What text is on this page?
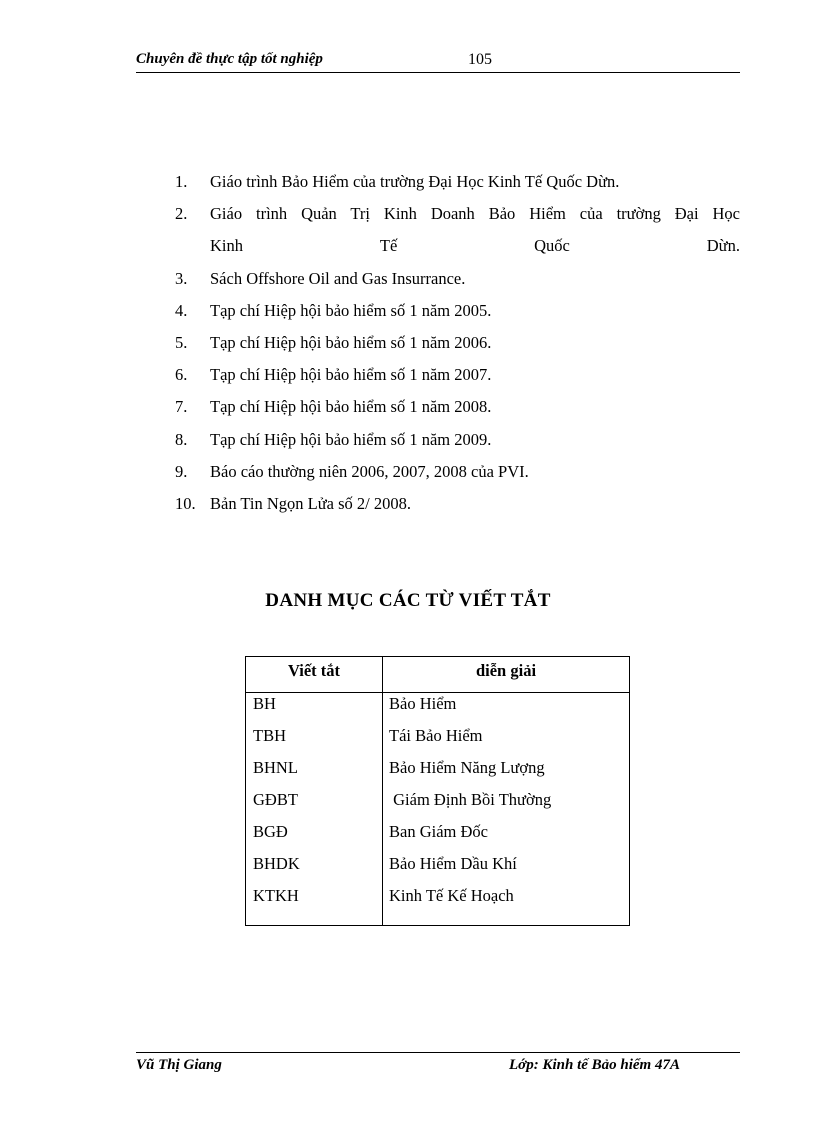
Chuyên đề thực tập tốt nghiệp	105
1. Giáo trình Bảo Hiểm của trường Đại Học Kinh Tế Quốc Dừn.
2. Giáo trình Quản Trị Kinh Doanh Bảo Hiểm của trường Đại Học
Kinh	Tế	Quốc	Dừn.
3. Sách Offshore Oil and Gas Insurrance.
4. Tạp chí Hiệp hội bảo hiểm số 1 năm 2005.
5. Tạp chí Hiệp hội bảo hiểm số 1 năm 2006.
6. Tạp chí Hiệp hội bảo hiểm số 1 năm 2007.
7. Tạp chí Hiệp hội bảo hiểm số 1 năm 2008.
8. Tạp chí Hiệp hội bảo hiểm số 1 năm 2009.
9. Báo cáo thường niên 2006, 2007, 2008 của PVI.
10. Bản Tin Ngọn Lửa số 2/ 2008.
DANH MỤC CÁC TỪ VIẾT TẮT
Viết tắt	diễn giải
BH	Bảo Hiểm
TBH	Tái Bảo Hiểm
BHNL	Bảo Hiểm Năng Lượng
GĐBT	Giám Định Bồi Thường
BGĐ	Ban Giám Đốc
BHDK	Bảo Hiểm Dầu Khí
KTKH	Kinh Tế Kế Hoạch
Vũ Thị Giang	Lớp: Kinh tế Bảo hiểm 47A
